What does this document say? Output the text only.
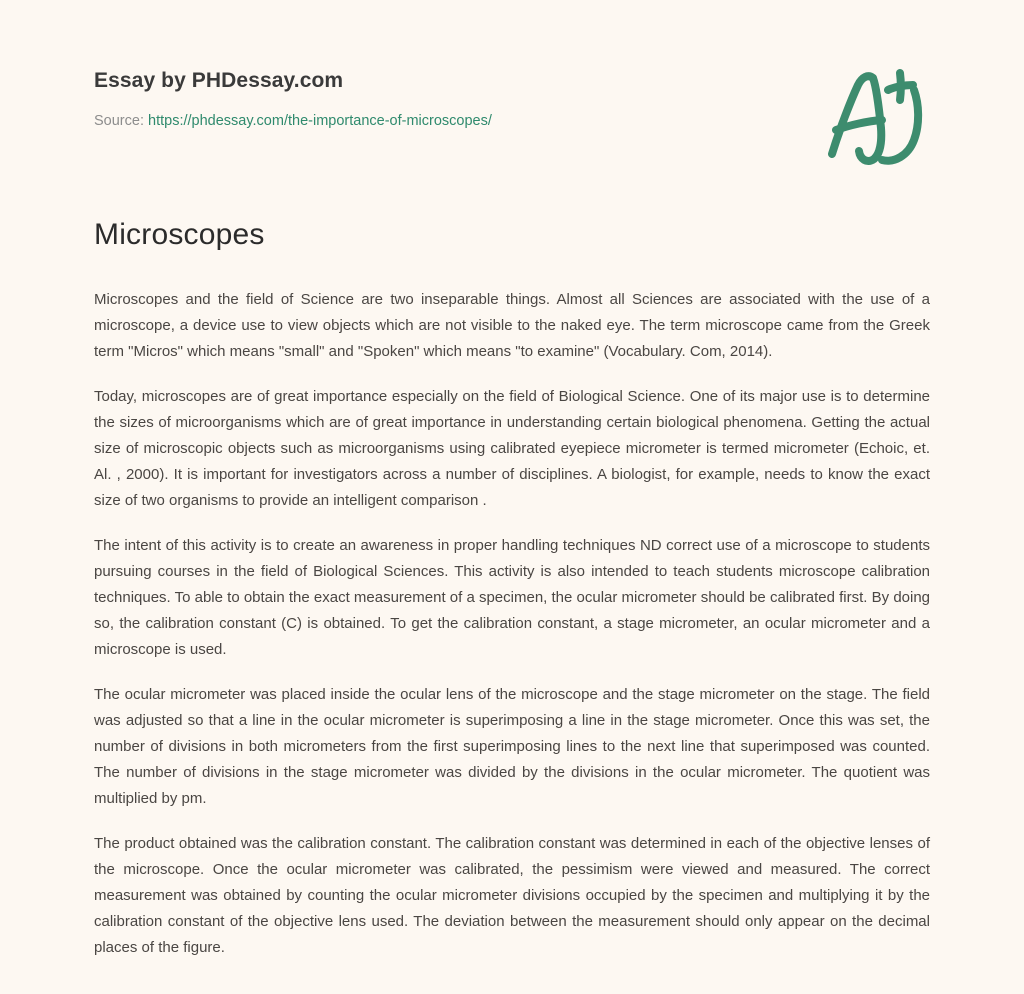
Essay by PHDessay.com
Source: https://phdessay.com/the-importance-of-microscopes/
Microscopes

Microscopes and the field of Science are two inseparable things. Almost all Sciences are associated with the use of a microscope, a device use to view objects which are not visible to the naked eye. The term microscope came from the Greek term "Micros" which means "small" and "Spoken" which means "to examine" (Vocabulary. Com, 2014).

Today, microscopes are of great importance especially on the field of Biological Science. One of its major use is to determine the sizes of microorganisms which are of great importance in understanding certain biological phenomena. Getting the actual size of microscopic objects such as microorganisms using calibrated eyepiece micrometer is termed micrometer (Echoic, et. Al. , 2000). It is important for investigators across a number of disciplines. A biologist, for example, needs to know the exact size of two organisms to provide an intelligent comparison .

The intent of this activity is to create an awareness in proper handling techniques ND correct use of a microscope to students pursuing courses in the field of Biological Sciences. This activity is also intended to teach students microscope calibration techniques. To able to obtain the exact measurement of a specimen, the ocular micrometer should be calibrated first. By doing so, the calibration constant (C) is obtained. To get the calibration constant, a stage micrometer, an ocular micrometer and a microscope is used.

The ocular micrometer was placed inside the ocular lens of the microscope and the stage micrometer on the stage. The field was adjusted so that a line in the ocular micrometer is superimposing a line in the stage micrometer. Once this was set, the number of divisions in both micrometers from the first superimposing lines to the next line that superimposed was counted. The number of divisions in the stage micrometer was divided by the divisions in the ocular micrometer. The quotient was multiplied by pm.

The product obtained was the calibration constant. The calibration constant was determined in each of the objective lenses of the microscope. Once the ocular micrometer was calibrated, the pessimism were viewed and measured. The correct measurement was obtained by counting the ocular micrometer divisions occupied by the specimen and multiplying it by the calibration constant of the objective lens used. The deviation between the measurement should only appear on the decimal places of the figure.
